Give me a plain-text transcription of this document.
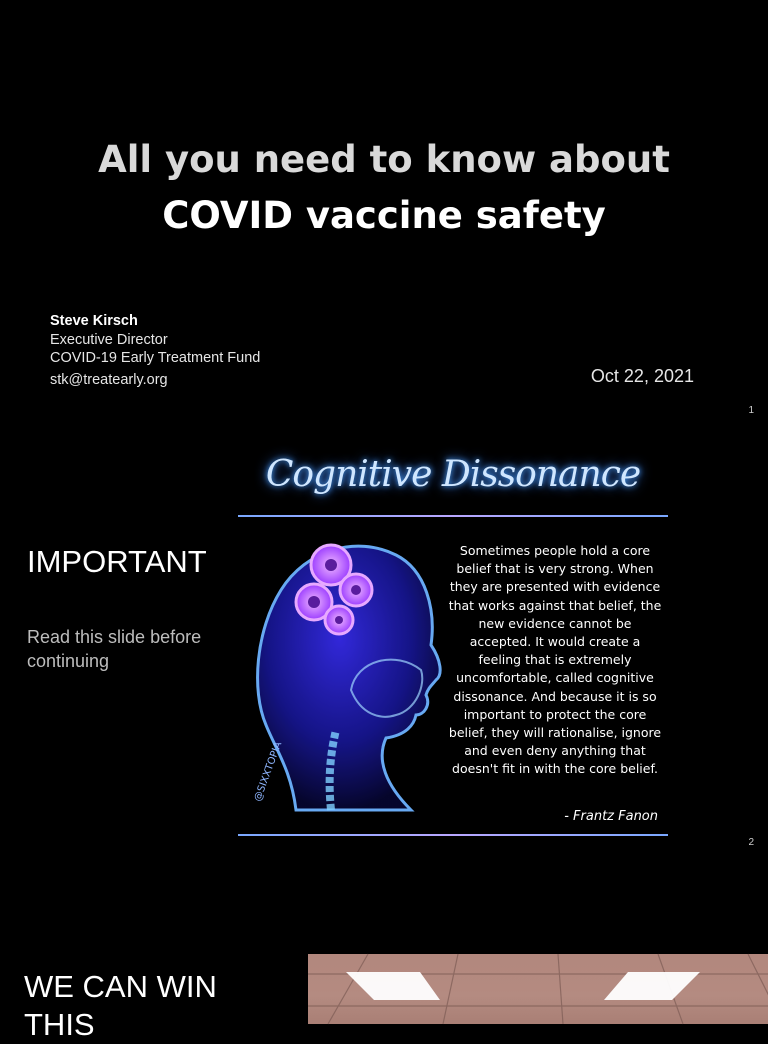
All you need to know about
COVID vaccine safety
Steve Kirsch
Executive Director
COVID-19 Early Treatment Fund
stk@treatearly.org	Oct 22, 2021
1
IMPORTANT
Read this slide before continuing
Cognitive Dissonance
@SIXXTOPIA
Sometimes people hold a core belief that is very strong. When they are presented with evidence that works against that belief, the new evidence cannot be accepted. It would create a feeling that is extremely uncomfortable, called cognitive dissonance. And because it is so important to protect the core belief, they will rationalise, ignore and even deny anything that doesn't fit in with the core belief.
- Frantz Fanon
2
WE CAN WIN THIS
